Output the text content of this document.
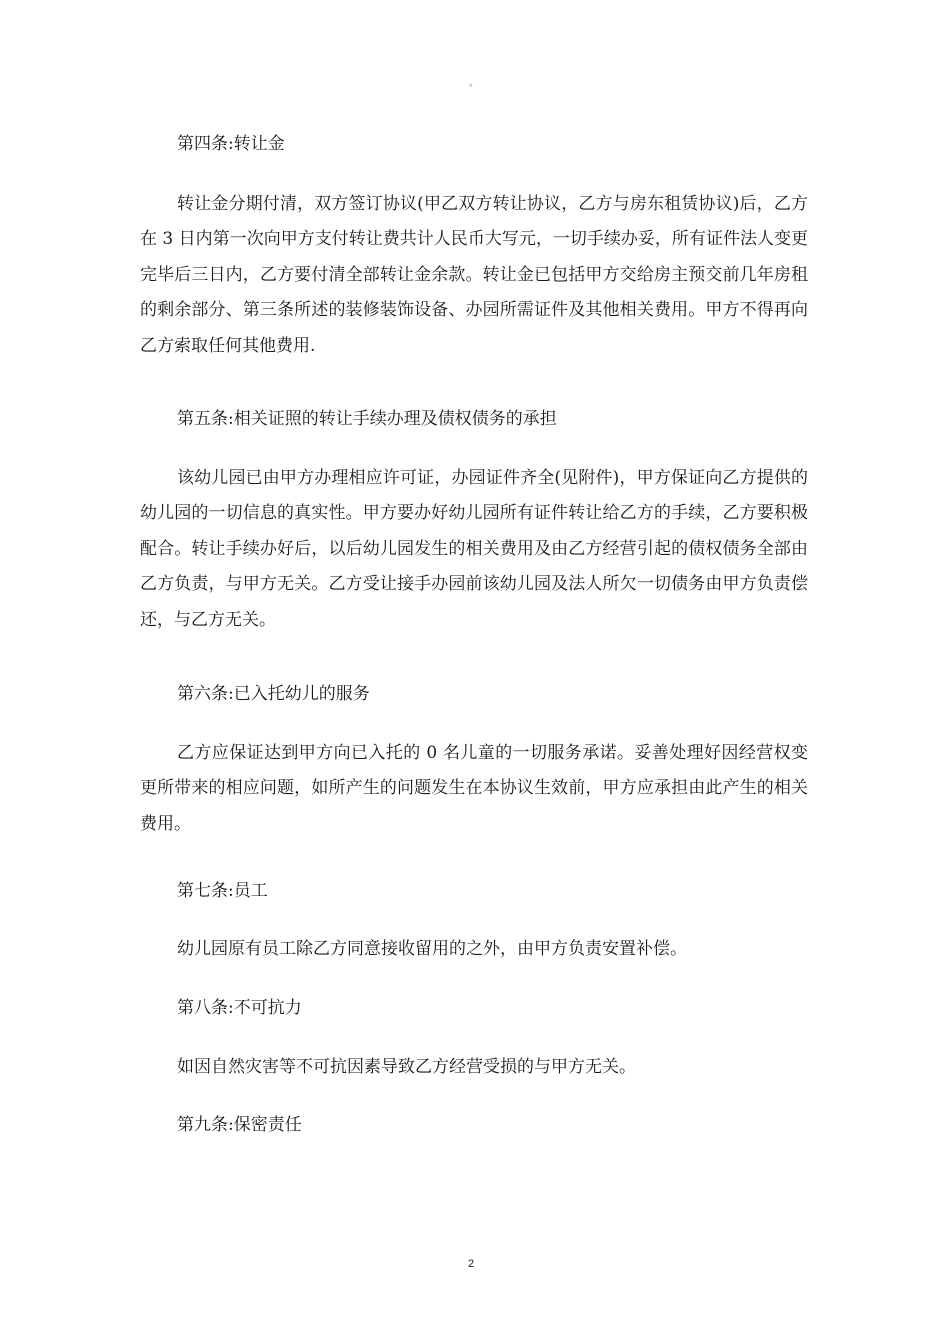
。
第四条:转让金
转让金分期付清，双方签订协议(甲乙双方转让协议，乙方与房东租赁协议)后，乙方在 3 日内第一次向甲方支付转让费共计人民币大写元，一切手续办妥，所有证件法人变更完毕后三日内，乙方要付清全部转让金余款。转让金已包括甲方交给房主预交前几年房租的剩余部分、第三条所述的装修装饰设备、办园所需证件及其他相关费用。甲方不得再向乙方索取任何其他费用.
第五条:相关证照的转让手续办理及债权债务的承担
该幼儿园已由甲方办理相应许可证，办园证件齐全(见附件)，甲方保证向乙方提供的幼儿园的一切信息的真实性。甲方要办好幼儿园所有证件转让给乙方的手续，乙方要积极配合。转让手续办好后，以后幼儿园发生的相关费用及由乙方经营引起的债权债务全部由乙方负责，与甲方无关。乙方受让接手办园前该幼儿园及法人所欠一切债务由甲方负责偿还，与乙方无关。
第六条:已入托幼儿的服务
乙方应保证达到甲方向已入托的 0 名儿童的一切服务承诺。妥善处理好因经营权变更所带来的相应问题，如所产生的问题发生在本协议生效前，甲方应承担由此产生的相关费用。
第七条:员工
幼儿园原有员工除乙方同意接收留用的之外，由甲方负责安置补偿。
第八条:不可抗力
如因自然灾害等不可抗因素导致乙方经营受损的与甲方无关。
第九条:保密责任
2
